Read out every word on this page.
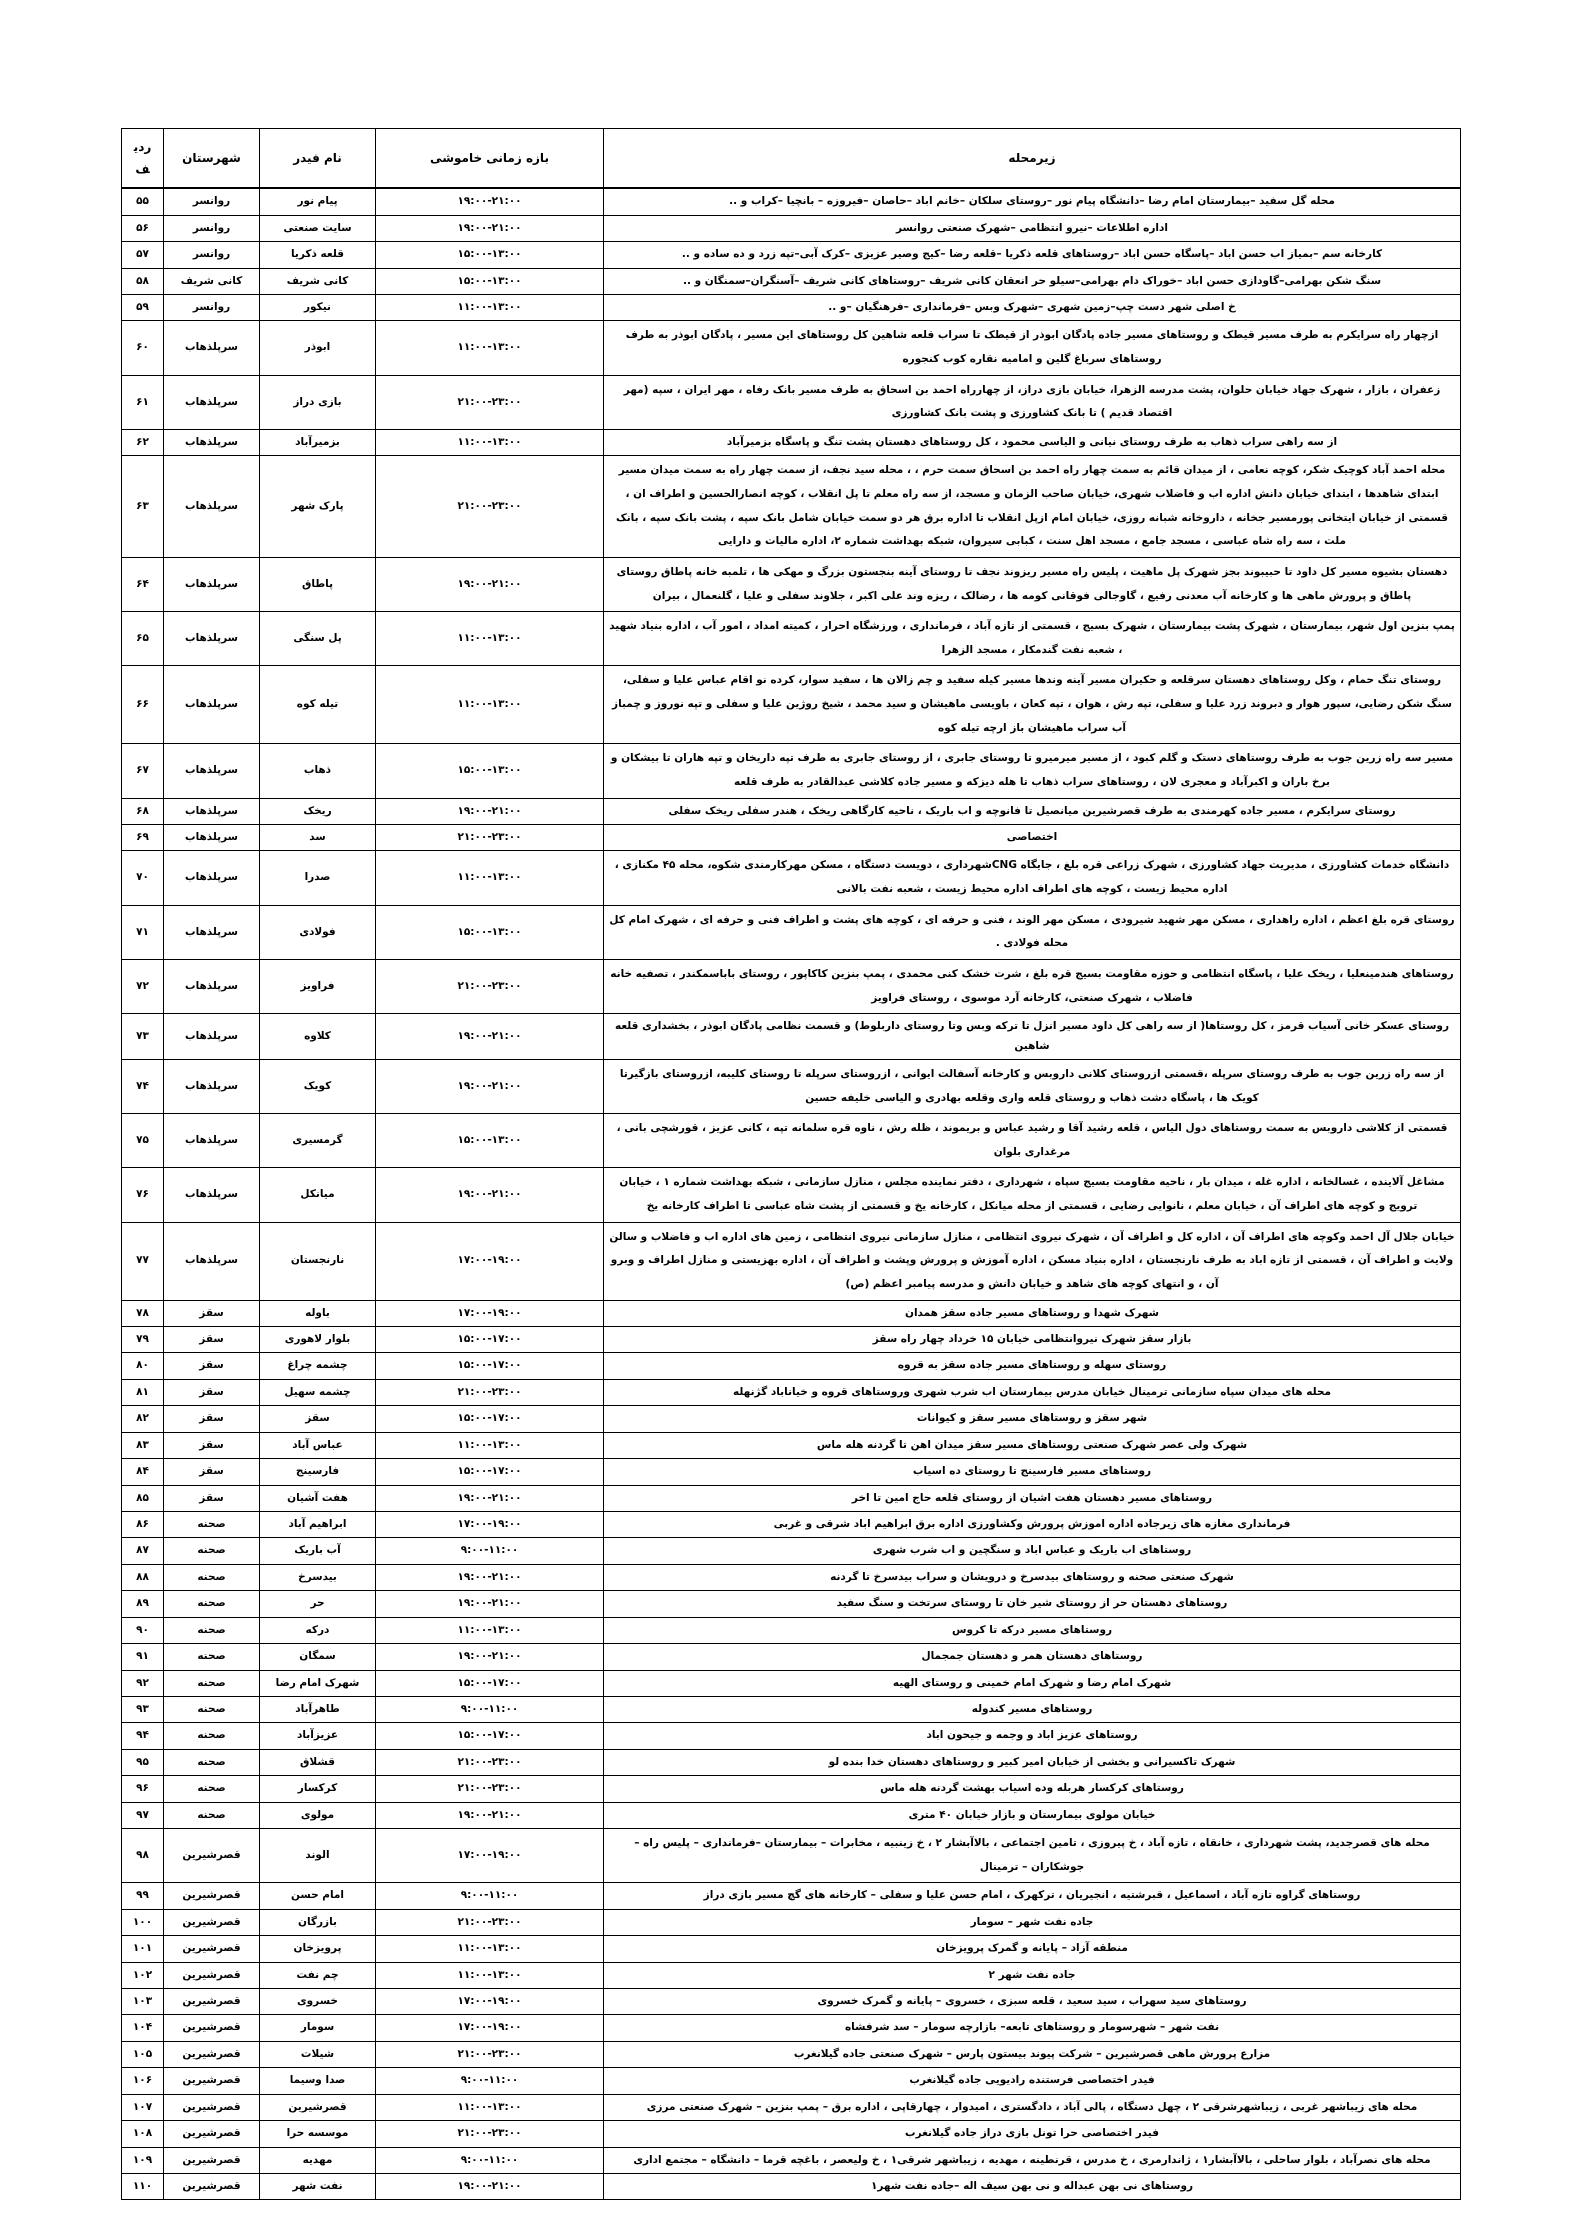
زیرمحله	بازه زمانی خاموشی	نام فیدر	شهرستان	ردیف
محله گل سفید –بیمارستان امام رضا –دانشگاه پیام نور –روستای سلکان –خانم اباد –حاصان –فیروزه – بانچیا –کراب و ..	۱۹:۰۰-۲۱:۰۰	پیام نور	روانسر	۵۵
اداره اطلاعات –نیرو انتظامی –شهرک صنعتی روانسر	۱۹:۰۰-۲۱:۰۰	سایت صنعتی	روانسر	۵۶
کارخانه سم –بمیاز اب حسن اباد –پاسگاه حسن اباد –روستاهای قلعه ذکریا –قلعه رضا –کیج وصیر عزیزی –کرک آبی–تپه زرد و ده ساده و ..	۱۵:۰۰-۱۳:۰۰	قلعه ذکریا	روانسر	۵۷
سنگ شکن بهرامی–گاودازی حسن اباد –خوراک دام بهرامی–سیلو حر انعقان کانی شریف –روستاهای کانی شریف –آسنگران–سمنگان و ..	۱۵:۰۰-۱۳:۰۰	کانی شریف	کانی شریف	۵۸
خ اصلی شهر دست چپ–زمین شهری –شهرک وبس –فرمانداری –فرهنگیان –و ..	۱۱:۰۰-۱۳:۰۰	نیکور	روانسر	۵۹
ازچهار راه سرایکرم به طرف مسیر قیطک و روستاهای مسیر جاده پادگان ابوذر از قیطک تا سراب قلعه شاهین کل روستاهای این مسیر ، پادگان ابوذر به طرف روستاهای سرباغ گلین و امامیه نقاره کوب کنجوره	۱۱:۰۰-۱۳:۰۰	ابوذر	سرپلذهاب	۶۰
زعفران ، بازار ، شهرک جهاد خیابان حلوان، پشت مدرسه الزهرا، خیابان بازی دراز، از چهارراه احمد بن اسحاق به طرف مسیر بانک رفاه ، مهر ایران ، سپه (مهر اقتصاد قدیم ) تا بانک کشاورزی و پشت بانک کشاورزی	۲۱:۰۰-۲۳:۰۰	بازی دراز	سرپلذهاب	۶۱
از سه راهی سراب ذهاب به طرف روستای نیانی و الیاسی محمود ، کل روستاهای دهستان پشت تنگ و پاسگاه بزمیرآباد	۱۱:۰۰-۱۳:۰۰	بزمیرآباد	سرپلذهاب	۶۲
محله احمد آباد کوچیک شکر، کوچه نعامی ، از میدان قائم به سمت چهار راه احمد بن اسحاق سمت حرم ، ، محله سید نجف، از سمت چهار راه به سمت میدان مسیر ابتدای شاهدها ، ابتدای خیابان دانش اداره اب و فاضلاب شهری، خیابان صاحب الزمان و مسجد، از سه راه معلم تا پل انقلاب ، کوچه انصارالحسین و اطراف ان ، قسمتی از خیابان ایتخانی پورمسیر جخانه ، داروخانه شبانه روزی، خیابان امام ازپل انقلاب تا اداره برق هر دو سمت خیابان شامل بانک سپه ، پشت بانک سپه ، بانک ملت ، سه راه شاه عباسی ، مسجد جامع ، مسجد اهل سنت ، کبابی سیروان، شبکه بهداشت شماره ۲، اداره مالیات و دارایی	۲۱:۰۰-۲۳:۰۰	پارک شهر	سرپلذهاب	۶۳
دهستان بشیوه مسیر کل داود تا حبیبوند بجز شهرک پل ماهیت ، پلیس راه مسیر ریزوند نجف تا روستای آینه بنجستون بزرگ و مهکی ها ، تلمبه خانه پاطاق روستای پاطاق و پرورش ماهی ها و کارخانه آب معدنی رفیع ، گاوجالی فوقانی کومه ها ، رضالک ، ریزه وند علی اکبر ، جلاوند سفلی و علیا ، گلنعمال ، بیران	۱۹:۰۰-۲۱:۰۰	پاطاق	سرپلذهاب	۶۴
پمپ بنزین اول شهر، بیمارستان ، شهرک پشت بیمارستان ، شهرک بسیج ، قسمتی از تازه آباد ، فرمانداری ، ورزشگاه احرار ، کمیته امداد ، امور آب ، اداره بنیاد شهید ، شعبه نفت گندمکار ، مسجد الزهرا	۱۱:۰۰-۱۳:۰۰	پل سنگی	سرپلذهاب	۶۵
روستای تنگ حمام ، وکل روستاهای دهستان سرقلعه و حکیران مسیر آینه وندها مسیر کیله سفید و چم زالان ها ، سفید سوار، کرده نو اقام عباس علیا و سفلی، سنگ شکن رضایی، سپور هوار و دبروند زرد علیا و سفلی، تپه رش ، هوان ، تپه کعان ، باویسی ماهیشان و سید محمد ، شیخ روژین علیا و سفلی و تپه نوروز و چمباز آب سراب ماهیشان باز ارچه تیله کوه	۱۱:۰۰-۱۳:۰۰	تیله کوه	سرپلذهاب	۶۶
مسیر سه راه زرین جوب به طرف روستاهای دستک و گلم کبود ، از مسیر میرمیرو تا روستای جابری ، از روستای جابری به طرف تپه داریخان و تپه هاران تا بیشکان و برخ باران و اکبرآباد و معجری لان ، روستاهای سراب ذهاب تا هله دیزکه و مسیر جاده کلاشی عبدالقادر به طرف قلعه	۱۵:۰۰-۱۳:۰۰	ذهاب	سرپلذهاب	۶۷
روستای سرایکرم ، مسیر جاده کهرمندی به طرف قصرشیرین میانصیل تا فانوچه و اب باریک ، ناحیه کارگاهی ریخک ، هندر سفلی ریخک سفلی	۱۹:۰۰-۲۱:۰۰	ریخک	سرپلذهاب	۶۸
اختصاصی	۲۱:۰۰-۲۳:۰۰	سد	سرپلذهاب	۶۹
دانشگاه خدمات کشاورزی ، مدیریت جهاد کشاورزی ، شهرک زراعی قره بلغ ، جایگاه CNGشهرداری ، دویست دستگاه ، مسکن مهرکارمندی شکوه، محله ۴۵ مکنازی ، اداره محیط زیست ، کوچه های اطراف اداره محیط زیست ، شعبه نفت بالانی	۱۱:۰۰-۱۳:۰۰	صدرا	سرپلذهاب	۷۰
روستای قره بلغ اعظم ، اداره راهداری ، مسکن مهر شهید شیرودی ، مسکن مهر الوند ، فنی و حرفه ای ، کوچه های پشت و اطراف فنی و حرفه ای ، شهرک امام کل محله فولادی .	۱۵:۰۰-۱۳:۰۰	فولادی	سرپلذهاب	۷۱
روستاهای هندمینعلیا ، ریخک علیا ، پاسگاه انتظامی و حوزه مقاومت بسیج قره بلغ ، شرت خشک کنی محمدی ، پمپ بنزین کاکاپور ، روستای باباسمکندر ، تصفیه خانه فاضلاب ، شهرک صنعتی، کارخانه آرد موسوی ، روستای فراویز	۲۱:۰۰-۲۳:۰۰	فراویز	سرپلذهاب	۷۲
روستای عسکر خانی آسیاب قرمز ، کل روستاها( از سه راهی کل داود مسیر انزل تا ترکه وبس وتا روستای داربلوط) و قسمت نظامی پادگان ابوذر ، بخشداری قلعه شاهین	۱۹:۰۰-۲۱:۰۰	کلاوه	سرپلذهاب	۷۳
از سه راه زرین جوب به طرف روستای سرپله ،قسمتی ازروستای کلانی داروبس و کارخانه آسفالت ایوانی ، ازروستای سرپله تا روستای کلیبه، ازروستای بازگیرتا کویک ها ، پاسگاه دشت ذهاب و روستای قلعه واری وقلعه بهادری و الیاسی خلیفه حسین	۱۹:۰۰-۲۱:۰۰	کویک	سرپلذهاب	۷۴
قسمتی از کلاشی داروبس به سمت روستاهای دول الیاس ، قلعه رشید آقا و رشید عباس و بریموند ، ظله رش ، ناوه قره سلمانه تپه ، کانی عزیز ، قورشچی بانی ، مرغداری بلوان	۱۵:۰۰-۱۳:۰۰	گرمسیری	سرپلذهاب	۷۵
مشاغل آلاینده ، غسالخانه ، اداره غله ، میدان بار ، ناحیه مقاومت بسیج سپاه ، شهرداری ، دفتر نماینده مجلس ، منازل سازمانی ، شبکه بهداشت شماره ۱ ، خیابان ترویج و کوچه های اطراف آن ، خیابان معلم ، نانوایی رضایی ، قسمتی از محله میانکل ، کارخانه یخ و قسمتی از پشت شاه عباسی تا اطراف کارخانه یخ	۱۹:۰۰-۲۱:۰۰	میانکل	سرپلذهاب	۷۶
خیابان جلال آل احمد وکوچه های اطراف آن ، اداره کل و اطراف آن ، شهرک نیروی انتظامی ، منازل سازمانی نیروی انتظامی ، زمین های اداره اب و فاضلاب و سالن ولایت و اطراف آن ، قسمتی از تازه اباد به طرف نارنجستان ، اداره بنیاد مسکن ، اداره آموزش و پرورش وپشت و اطراف آن ، اداره بهزیستی و منازل اطراف و وبرو آن ، و انتهای کوچه های شاهد و خیابان دانش و مدرسه پیامبر اعظم (ص)	۱۷:۰۰-۱۹:۰۰	نارنجستان	سرپلذهاب	۷۷
شهرک شهدا و روستاهای مسیر جاده سقز همدان	۱۷:۰۰-۱۹:۰۰	باوله	سقز	۷۸
بازار سقز شهرک نیروانتظامی خیابان ۱۵ خرداد چهار راه سقز	۱۵:۰۰-۱۷:۰۰	بلوار لاهوری	سقز	۷۹
روستای سهله و روستاهای مسیر جاده سقز به قروه	۱۵:۰۰-۱۷:۰۰	چشمه چراغ	سقز	۸۰
محله های میدان سپاه سازمانی ترمینال خیابان مدرس بیمارستان اب شرب شهری وروستاهای قروه و خیاناباد گژنهله	۲۱:۰۰-۲۳:۰۰	چشمه سهیل	سقز	۸۱
شهر سقز و روستاهای مسیر سقز و کیوانات	۱۵:۰۰-۱۷:۰۰	سقز	سقز	۸۲
شهرک ولی عصر شهرک صنعتی روستاهای مسیر سقز میدان اهن تا گردنه هله ماس	۱۱:۰۰-۱۳:۰۰	عباس آباد	سقز	۸۳
روستاهای مسیر فارسینج تا روستای ده اسیاب	۱۵:۰۰-۱۷:۰۰	فارسینج	سقز	۸۴
روستاهای مسیر دهستان هفت اشیان از روستای قلعه حاج امین تا اخر	۱۹:۰۰-۲۱:۰۰	هفت آشیان	سقز	۸۵
فرمانداری مغازه های زیرجاده اداره اموزش پرورش وکشاورزی اداره برق ابراهیم اباد شرقی و غربی	۱۷:۰۰-۱۹:۰۰	ابراهیم آباد	صحنه	۸۶
روستاهای اب باریک و عباس اباد و سنگچین و اب شرب شهری	۹:۰۰-۱۱:۰۰	آب باریک	صحنه	۸۷
شهرک صنعتی صحنه و روستاهای بیدسرخ و درویشان و سراب بیدسرخ تا گردنه	۱۹:۰۰-۲۱:۰۰	بیدسرخ	صحنه	۸۸
روستاهای دهستان حر از روستای شیر خان تا روستای سرتخت و سنگ سفید	۱۹:۰۰-۲۱:۰۰	حر	صحنه	۸۹
روستاهای مسیر درکه تا کروس	۱۱:۰۰-۱۳:۰۰	درکه	صحنه	۹۰
روستاهای دهستان همر و دهستان جمجمال	۱۹:۰۰-۲۱:۰۰	سمگان	صحنه	۹۱
شهرک امام رضا و شهرک امام خمینی و روستای الهیه	۱۵:۰۰-۱۷:۰۰	شهرک امام رضا	صحنه	۹۲
روستاهای مسیر کندوله	۹:۰۰-۱۱:۰۰	طاهرآباد	صحنه	۹۳
روستاهای عزیز اباد و وجمه و جیحون اباد	۱۵:۰۰-۱۷:۰۰	عزیزآباد	صحنه	۹۴
شهرک تاکسیرانی و بخشی از خیابان امیر کبیر و روستاهای دهستان خدا بنده لو	۲۱:۰۰-۲۳:۰۰	قشلاق	صحنه	۹۵
روستاهای کرکسار هربله وده اسیاب بهشت گردنه هله ماس	۲۱:۰۰-۲۳:۰۰	کرکسار	صحنه	۹۶
خیابان مولوی بیمارستان و بازار خیابان ۴۰ متری	۱۹:۰۰-۲۱:۰۰	مولوی	صحنه	۹۷
محله های قصرجدید، پشت شهرداری ، خانقاه ، تازه آباد ، خ پیروزی ، تامین اجتماعی ، بالاآبشار ۲ ، خ زینبیه ، مخابرات – بیمارستان –فرمانداری – پلیس راه – جوشکاران – ترمینال	۱۷:۰۰-۱۹:۰۰	الوند	قصرشیرین	۹۸
روستاهای گراوه تازه آباد ، اسماعیل ، قبرشتیه ، انجیریان ، ترکهرک ، امام حسن علیا و سفلی – کارخانه های گچ مسیر بازی دراز	۹:۰۰-۱۱:۰۰	امام حسن	قصرشیرین	۹۹
جاده نفت شهر – سومار	۲۱:۰۰-۲۳:۰۰	بازرگان	قصرشیرین	۱۰۰
منطقه آزاد – پایانه و گمرک پرویزخان	۱۱:۰۰-۱۳:۰۰	پرویزخان	قصرشیرین	۱۰۱
جاده نفت شهر ۲	۱۱:۰۰-۱۳:۰۰	چم نفت	قصرشیرین	۱۰۲
روستاهای سید سهراب ، سید سعید ، قلعه سبزی ، خسروی – پایانه و گمرک خسروی	۱۷:۰۰-۱۹:۰۰	خسروی	قصرشیرین	۱۰۳
نفت شهر – شهرسومار و روستاهای تابعه– بازارچه سومار – سد شرفشاه	۱۷:۰۰-۱۹:۰۰	سومار	قصرشیرین	۱۰۴
مزارع پرورش ماهی قصرشیرین – شرکت پیوند بیستون پارس – شهرک صنعتی جاده گیلانغرب	۲۱:۰۰-۲۳:۰۰	شیلات	قصرشیرین	۱۰۵
فیدر اختصاصی فرستنده رادیویی جاده گیلانغرب	۹:۰۰-۱۱:۰۰	صدا وسیما	قصرشیرین	۱۰۶
محله های زیباشهر غربی ، زیباشهرشرقی ۲ ، چهل دستگاه ، پالی آباد ، دادگستری ، امیدوار ، چهارقاپی ، اداره برق – پمپ بنزین – شهرک صنعتی مرزی	۱۱:۰۰-۱۳:۰۰	قصرشیرین	قصرشیرین	۱۰۷
فیدر اختصاصی حرا تونل بازی دراز جاده گیلانغرب	۲۱:۰۰-۲۳:۰۰	موسسه حرا	قصرشیرین	۱۰۸
محله های نصرآباد ، بلوار ساحلی ، بالاآبشار۱ ، ژاندارمری ، خ مدرس ، قرنطینه ، مهدیه ، زیباشهر شرقی۱ ، خ ولیعصر ، باغچه قرما – دانشگاه – مجتمع اداری	۹:۰۰-۱۱:۰۰	مهدیه	قصرشیرین	۱۰۹
روستاهای نی بهن عبداله و نی بهن سیف اله –جاده نفت شهر۱	۱۹:۰۰-۲۱:۰۰	نفت شهر	قصرشیرین	۱۱۰
